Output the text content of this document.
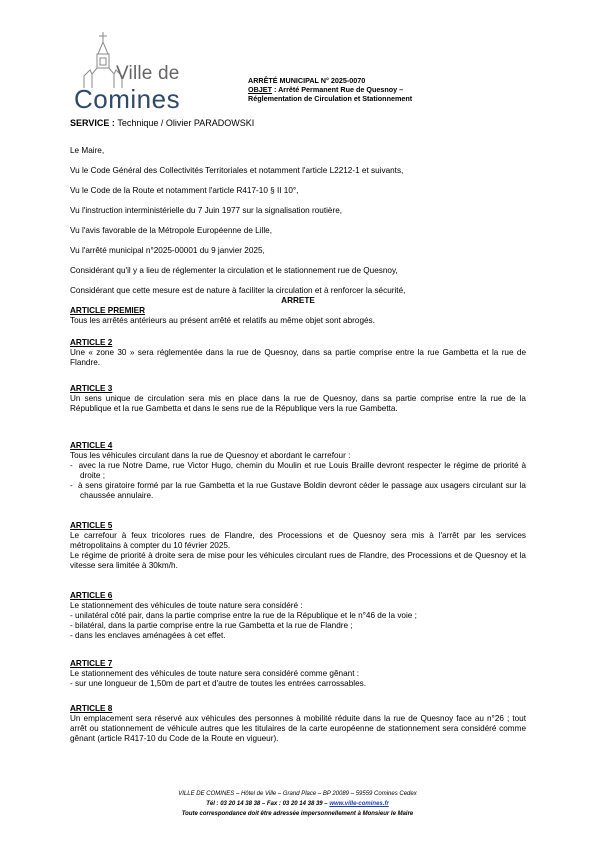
Ville de
Comines
ARRÊTÉ MUNICIPAL N° 2025-0070
OBJET : Arrêté Permanent Rue de Quesnoy –
Réglementation de Circulation et Stationnement
SERVICE : Technique / Olivier PARADOWSKI
Le Maire,
Vu le Code Général des Collectivités Territoriales et notamment l'article L2212-1 et suivants,
Vu le Code de la Route et notamment l'article R417-10 § II 10°,
Vu l'instruction interministérielle du 7 Juin 1977 sur la signalisation routière,
Vu l'avis favorable de la Métropole Européenne de Lille,
Vu l'arrêté municipal n°2025-00001 du 9 janvier 2025,
Considérant qu'il y a lieu de réglementer la circulation et le stationnement rue de Quesnoy,
Considérant que cette mesure est de nature à faciliter la circulation et à renforcer la sécurité,
ARRETE
ARTICLE PREMIER
Tous les arrêtés antérieurs au présent arrêté et relatifs au même objet sont abrogés.
ARTICLE 2
Une « zone 30 » sera réglementée dans la rue de Quesnoy, dans sa partie comprise entre la rue Gambetta et la rue de Flandre.
ARTICLE 3
Un sens unique de circulation sera mis en place dans la rue de Quesnoy, dans sa partie comprise entre la rue de la République et la rue Gambetta et dans le sens rue de la République vers la rue Gambetta.
ARTICLE 4
Tous les véhicules circulant dans la rue de Quesnoy et abordant le carrefour :
-  avec la rue Notre Dame, rue Victor Hugo, chemin du Moulin et rue Louis Braille devront respecter le régime de priorité à droite ;
-  à sens giratoire formé par la rue Gambetta et la rue Gustave Boldin devront céder le passage aux usagers circulant sur la chaussée annulaire.
ARTICLE 5
Le carrefour à feux tricolores rues de Flandre, des Processions et de Quesnoy sera mis à l'arrêt par les services métropolitains à compter du 10 février 2025.
Le régime de priorité à droite sera de mise pour les véhicules circulant rues de Flandre, des Processions et de Quesnoy et la vitesse sera limitée à 30km/h.
ARTICLE 6
Le stationnement des véhicules de toute nature sera considéré :
- unilatéral côté pair, dans la partie comprise entre la rue de la République et le n°46 de la voie ;
- bilatéral, dans la partie comprise entre la rue Gambetta et la rue de Flandre ;
- dans les enclaves aménagées à cet effet.
ARTICLE 7
Le stationnement des véhicules de toute nature sera considéré comme gênant :
- sur une longueur de 1,50m de part et d'autre de toutes les entrées carrossables.
ARTICLE 8
Un emplacement sera réservé aux véhicules des personnes à mobilité réduite dans la rue de Quesnoy face au n°26 ; tout arrêt ou stationnement de véhicule autres que les titulaires de la carte européenne de stationnement sera considéré comme gênant (article R417-10 du Code de la Route en vigueur).
VILLE DE COMINES – Hôtel de Ville – Grand Place – BP 20089 – 59559 Comines Cedex
Tél : 03 20 14 38 38 – Fax : 03 20 14 38 39 – www.ville-comines.fr
Toute correspondance doit être adressée impersonnellement à Monsieur le Maire
